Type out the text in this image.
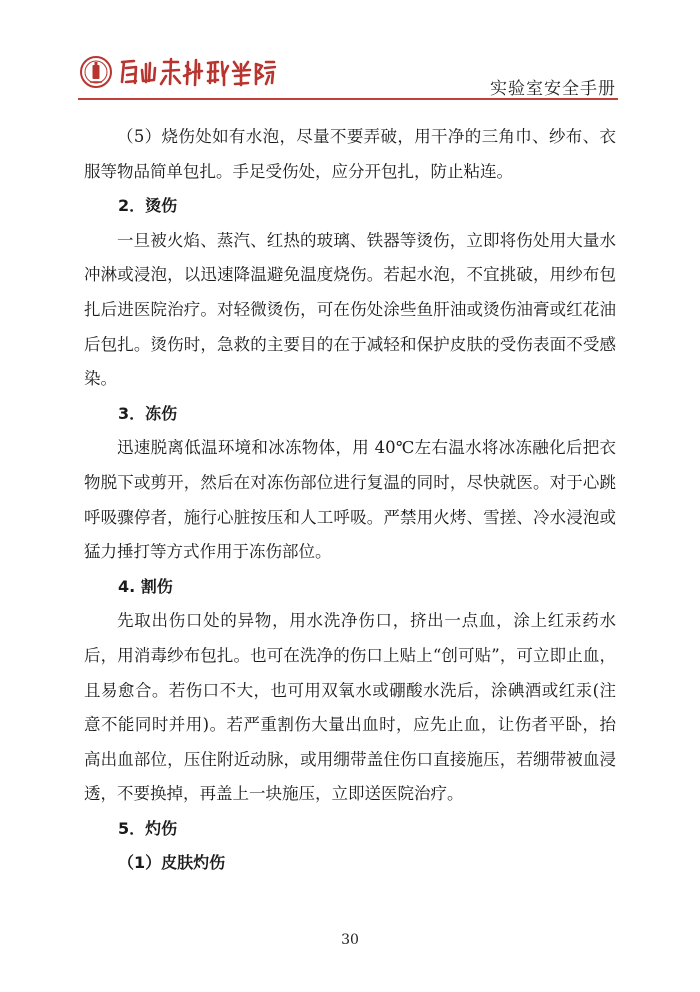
实验室安全手册

（5）烧伤处如有水泡，尽量不要弄破，用干净的三角巾、纱布、衣服等物品简单包扎。手足受伤处，应分开包扎，防止粘连。

2．烫伤

一旦被火焰、蒸汽、红热的玻璃、铁器等烫伤，立即将伤处用大量水冲淋或浸泡，以迅速降温避免温度烧伤。若起水泡，不宜挑破，用纱布包扎后进医院治疗。对轻微烫伤，可在伤处涂些鱼肝油或烫伤油膏或红花油后包扎。烫伤时，急救的主要目的在于减轻和保护皮肤的受伤表面不受感染。

3．冻伤

迅速脱离低温环境和冰冻物体，用 40℃左右温水将冰冻融化后把衣物脱下或剪开，然后在对冻伤部位进行复温的同时，尽快就医。对于心跳呼吸骤停者，施行心脏按压和人工呼吸。严禁用火烤、雪搓、冷水浸泡或猛力捶打等方式作用于冻伤部位。

4. 割伤

先取出伤口处的异物，用水洗净伤口，挤出一点血，涂上红汞药水后，用消毒纱布包扎。也可在洗净的伤口上贴上“创可贴”，可立即止血，且易愈合。若伤口不大，也可用双氧水或硼酸水洗后，涂碘酒或红汞(注意不能同时并用)。若严重割伤大量出血时，应先止血，让伤者平卧，抬高出血部位，压住附近动脉，或用绷带盖住伤口直接施压，若绷带被血浸透，不要换掉，再盖上一块施压，立即送医院治疗。

5．灼伤

（1）皮肤灼伤

30
